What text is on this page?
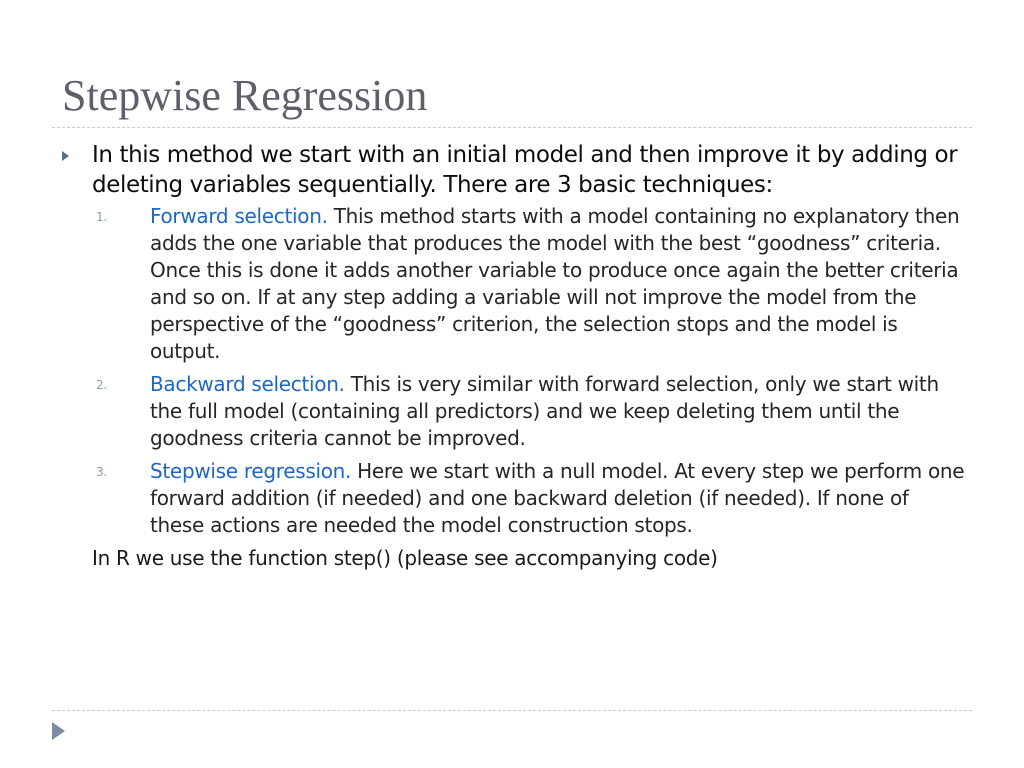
Stepwise Regression
In this method we start with an initial model and then improve it by adding or deleting variables sequentially. There are 3 basic techniques:
1. Forward selection. This method starts with a model containing no explanatory then adds the one variable that produces the model with the best “goodness” criteria. Once this is done it adds another variable to produce once again the better criteria and so on. If at any step adding a variable will not improve the model from the perspective of the “goodness” criterion, the selection stops and the model is output.
2. Backward selection. This is very similar with forward selection, only we start with the full model (containing all predictors) and we keep deleting them until the goodness criteria cannot be improved.
3. Stepwise regression. Here we start with a null model. At every step we perform one forward addition (if needed) and one backward deletion (if needed). If none of these actions are needed the model construction stops.
In R we use the function step() (please see accompanying code)
